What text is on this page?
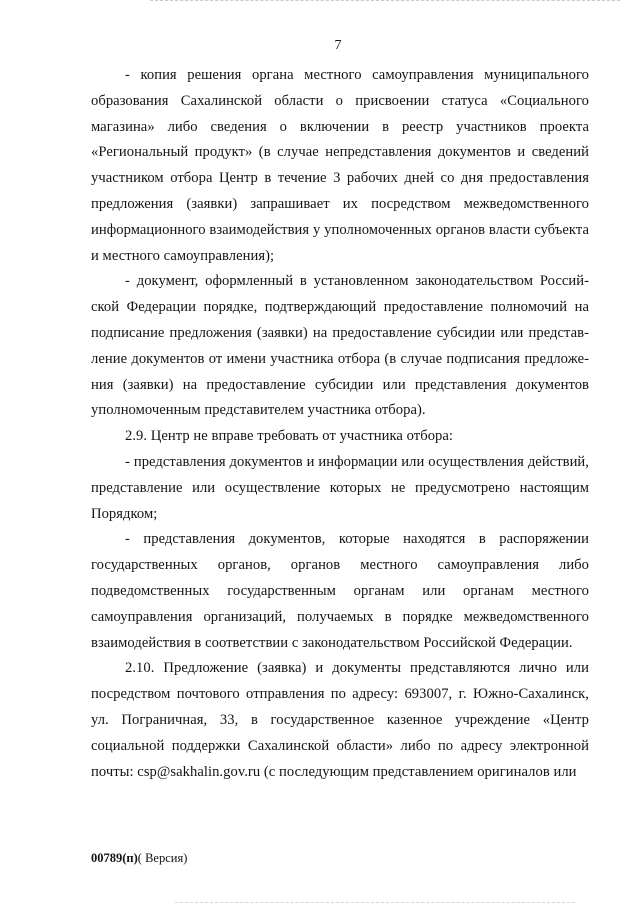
7

- копия решения органа местного самоуправления муниципального образования Сахалинской области о присвоении статуса «Социального магазина» либо сведения о включении в реестр участников проекта «Региональный продукт» (в случае непредставления документов и сведений участником отбора Центр в течение 3 рабочих дней со дня предоставления предложения (заявки) запрашивает их посредством межведомственного информационного взаимодействия у уполномоченных органов власти субъекта и местного самоуправления);

- документ, оформленный в установленном законодательством Российской Федерации порядке, подтверждающий предоставление полномочий на подписание предложения (заявки) на предоставление субсидии или представление документов от имени участника отбора (в случае подписания предложения (заявки) на предоставление субсидии или представления документов уполномоченным представителем участника отбора).

2.9. Центр не вправе требовать от участника отбора:

- представления документов и информации или осуществления действий, представление или осуществление которых не предусмотрено настоящим Порядком;

- представления документов, которые находятся в распоряжении государственных органов, органов местного самоуправления либо подведомственных государственным органам или органам местного самоуправления организаций, получаемых в порядке межведомственного взаимодействия в соответствии с законодательством Российской Федерации.

2.10. Предложение (заявка) и документы представляются лично или посредством почтового отправления по адресу: 693007, г. Южно-Сахалинск, ул. Пограничная, 33, в государственное казенное учреждение «Центр социальной поддержки Сахалинской области» либо по адресу электронной почты: csp@sakhalin.gov.ru (с последующим представлением оригиналов или

00789(п)( Версия)
